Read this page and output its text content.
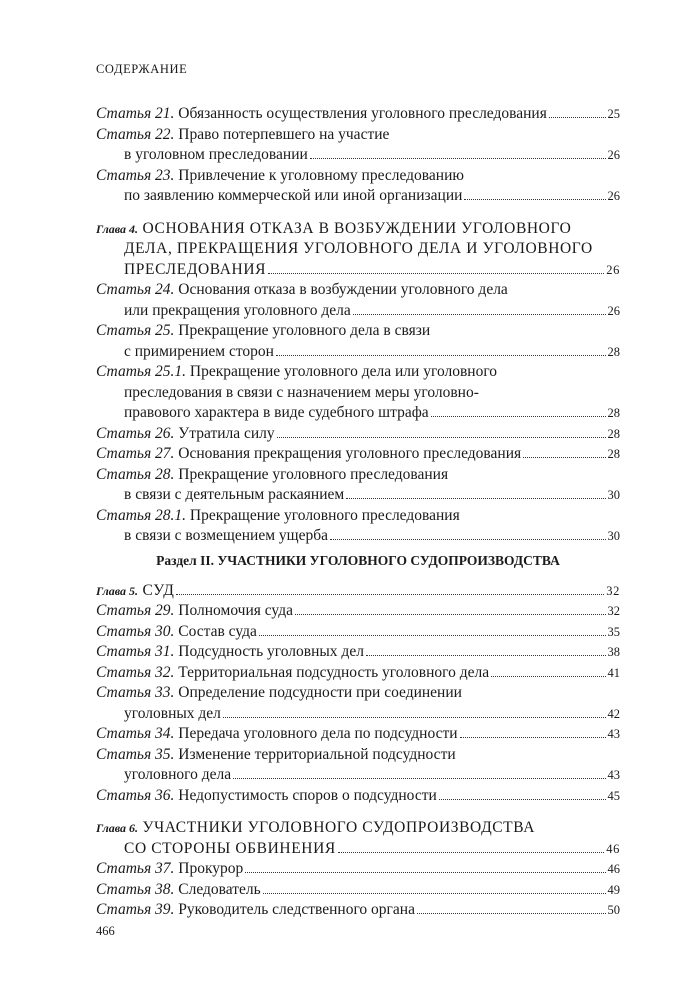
СОДЕРЖАНИЕ
Статья 21. Обязанность осуществления уголовного преследования	25
Статья 22. Право потерпевшего на участие
в уголовном преследовании	26
Статья 23. Привлечение к уголовному преследованию
по заявлению коммерческой или иной организации	26
Глава 4. ОСНОВАНИЯ ОТКАЗА В ВОЗБУЖДЕНИИ УГОЛОВНОГО
ДЕЛА, ПРЕКРАЩЕНИЯ УГОЛОВНОГО ДЕЛА И УГОЛОВНОГО
ПРЕСЛЕДОВАНИЯ	26
Статья 24. Основания отказа в возбуждении уголовного дела
или прекращения уголовного дела	26
Статья 25. Прекращение уголовного дела в связи
с примирением сторон	28
Статья 25.1. Прекращение уголовного дела или уголовного
преследования в связи с назначением меры уголовно-
правового характера в виде судебного штрафа	28
Статья 26. Утратила силу	28
Статья 27. Основания прекращения уголовного преследования	28
Статья 28. Прекращение уголовного преследования
в связи с деятельным раскаянием	30
Статья 28.1. Прекращение уголовного преследования
в связи с возмещением ущерба	30
Раздел II. УЧАСТНИКИ УГОЛОВНОГО СУДОПРОИЗВОДСТВА
Глава 5. СУД	32
Статья 29. Полномочия суда	32
Статья 30. Состав суда	35
Статья 31. Подсудность уголовных дел	38
Статья 32. Территориальная подсудность уголовного дела	41
Статья 33. Определение подсудности при соединении
уголовных дел	42
Статья 34. Передача уголовного дела по подсудности	43
Статья 35. Изменение территориальной подсудности
уголовного дела	43
Статья 36. Недопустимость споров о подсудности	45
Глава 6. УЧАСТНИКИ УГОЛОВНОГО СУДОПРОИЗВОДСТВА
СО СТОРОНЫ ОБВИНЕНИЯ	46
Статья 37. Прокурор	46
Статья 38. Следователь	49
Статья 39. Руководитель следственного органа	50
466
